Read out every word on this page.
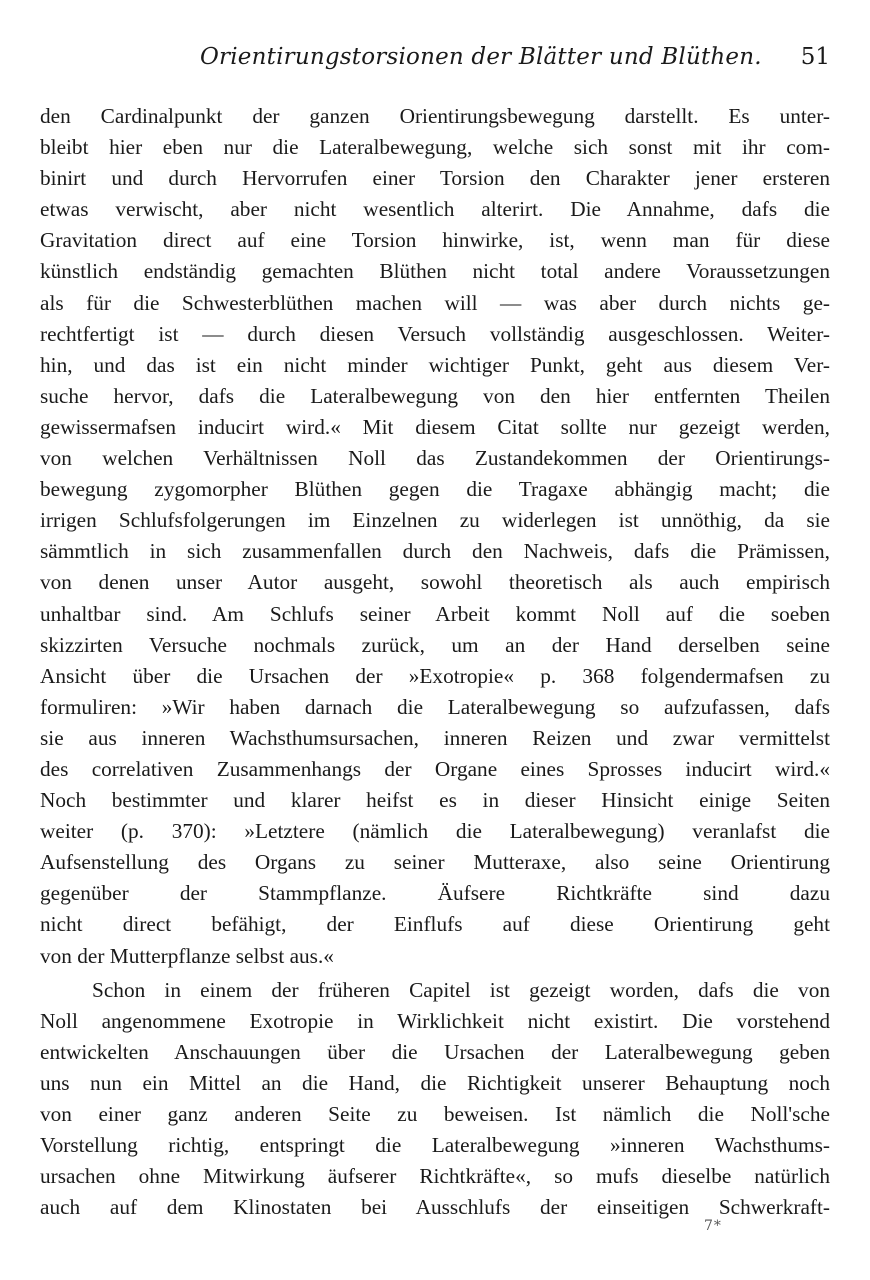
Orientirungstorsionen der Blätter und Blüthen. 51
den Cardinalpunkt der ganzen Orientirungsbewegung darstellt. Es unter-
bleibt hier eben nur die Lateralbewegung, welche sich sonst mit ihr com-
binirt und durch Hervorrufen einer Torsion den Charakter jener ersteren
etwas verwischt, aber nicht wesentlich alterirt. Die Annahme, dafs die
Gravitation direct auf eine Torsion hinwirke, ist, wenn man für diese
künstlich endständig gemachten Blüthen nicht total andere Voraussetzungen
als für die Schwesterblüthen machen will — was aber durch nichts ge-
rechtfertigt ist — durch diesen Versuch vollständig ausgeschlossen. Weiter-
hin, und das ist ein nicht minder wichtiger Punkt, geht aus diesem Ver-
suche hervor, dafs die Lateralbewegung von den hier entfernten Theilen
gewissermafsen inducirt wird.« Mit diesem Citat sollte nur gezeigt werden,
von welchen Verhältnissen Noll das Zustandekommen der Orientirungs-
bewegung zygomorpher Blüthen gegen die Tragaxe abhängig macht; die
irrigen Schlufsfolgerungen im Einzelnen zu widerlegen ist unnöthig, da sie
sämmtlich in sich zusammenfallen durch den Nachweis, dafs die Prämissen,
von denen unser Autor ausgeht, sowohl theoretisch als auch empirisch
unhaltbar sind. Am Schlufs seiner Arbeit kommt Noll auf die soeben
skizzirten Versuche nochmals zurück, um an der Hand derselben seine
Ansicht über die Ursachen der »Exotropie« p. 368 folgendermafsen zu
formuliren: »Wir haben darnach die Lateralbewegung so aufzufassen, dafs
sie aus inneren Wachsthumsursachen, inneren Reizen und zwar vermittelst
des correlativen Zusammenhangs der Organe eines Sprosses inducirt wird.«
Noch bestimmter und klarer heifst es in dieser Hinsicht einige Seiten
weiter (p. 370): »Letztere (nämlich die Lateralbewegung) veranlafst die
Aufsenstellung des Organs zu seiner Mutteraxe, also seine Orientirung
gegenüber der Stammpflanze. Äufsere Richtkräfte sind dazu
nicht direct befähigt, der Einflufs auf diese Orientirung geht
von der Mutterpflanze selbst aus.«
Schon in einem der früheren Capitel ist gezeigt worden, dafs die von
Noll angenommene Exotropie in Wirklichkeit nicht existirt. Die vorstehend
entwickelten Anschauungen über die Ursachen der Lateralbewegung geben
uns nun ein Mittel an die Hand, die Richtigkeit unserer Behauptung noch
von einer ganz anderen Seite zu beweisen. Ist nämlich die Noll'sche
Vorstellung richtig, entspringt die Lateralbewegung »inneren Wachsthums-
ursachen ohne Mitwirkung äufserer Richtkräfte«, so mufs dieselbe natürlich
auch auf dem Klinostaten bei Ausschlufs der einseitigen Schwerkraft-
7*
